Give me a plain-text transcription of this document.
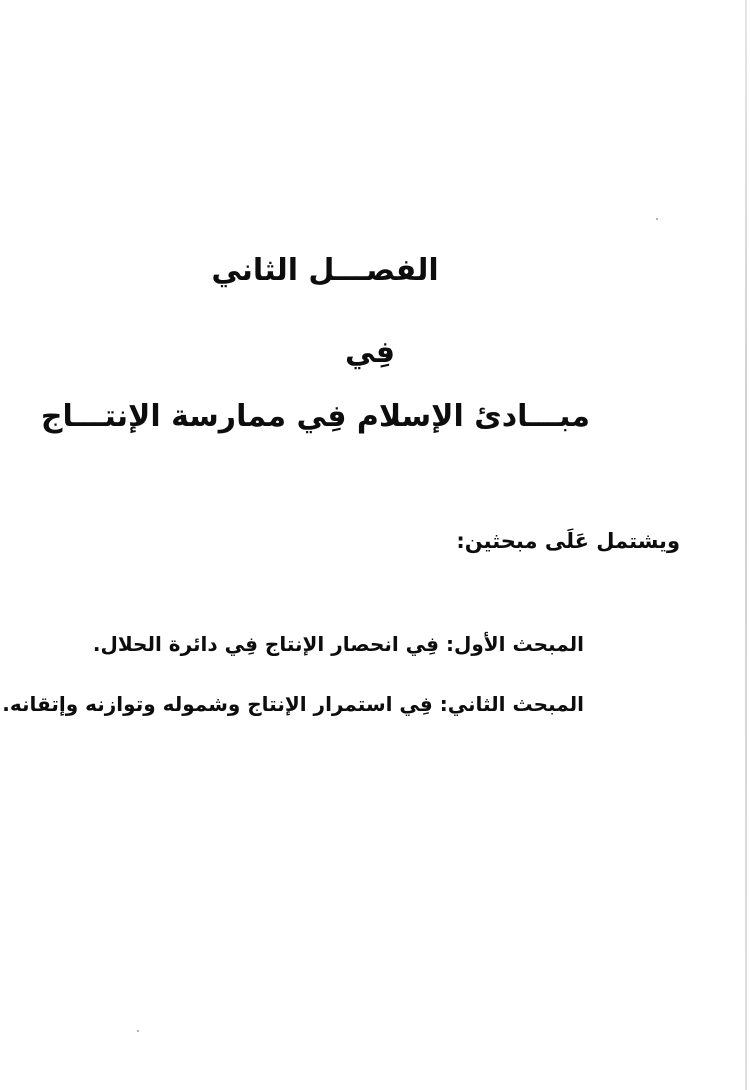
الفصـــل الثاني
فِي
مبـــادئ الإسلام فِي ممارسة الإنتـــاج
ويشتمل عَلَى مبحثين:
المبحث الأول: فِي انحصار الإنتاج فِي دائرة الحلال.
المبحث الثاني: فِي استمرار الإنتاج وشموله وتوازنه وإتقانه.
